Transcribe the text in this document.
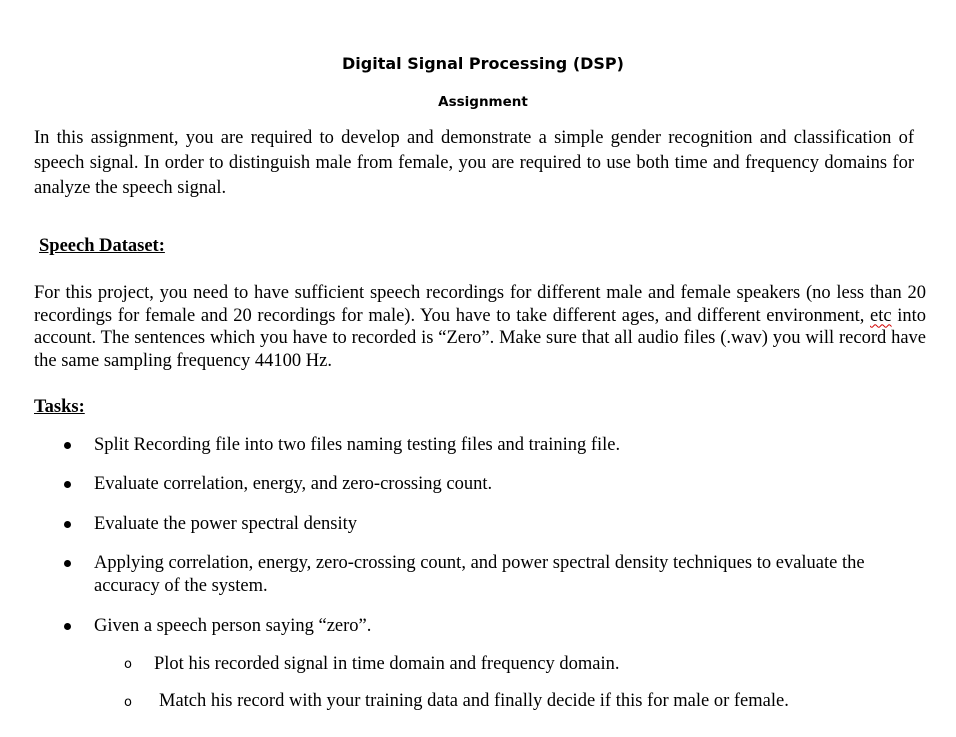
Digital Signal Processing (DSP)
Assignment
In this assignment, you are required to develop and demonstrate a simple gender recognition and classification of speech signal. In order to distinguish male from female, you are required to use both time and frequency domains for analyze the speech signal.
Speech Dataset:
For this project, you need to have sufficient speech recordings for different male and female speakers (no less than 20 recordings for female and 20 recordings for male). You have to take different ages, and different environment, etc into account. The sentences which you have to recorded is “Zero”. Make sure that all audio files (.wav) you will record have the same sampling frequency 44100 Hz.
Tasks:
Split Recording file into two files naming testing files and training file.
Evaluate correlation, energy, and zero-crossing count.
Evaluate the power spectral density
Applying correlation, energy, zero-crossing count, and power spectral density techniques to evaluate the accuracy of the system.
Given a speech person saying “zero”.
o Plot his recorded signal in time domain and frequency domain.
o Match his record with your training data and finally decide if this for male or female.
